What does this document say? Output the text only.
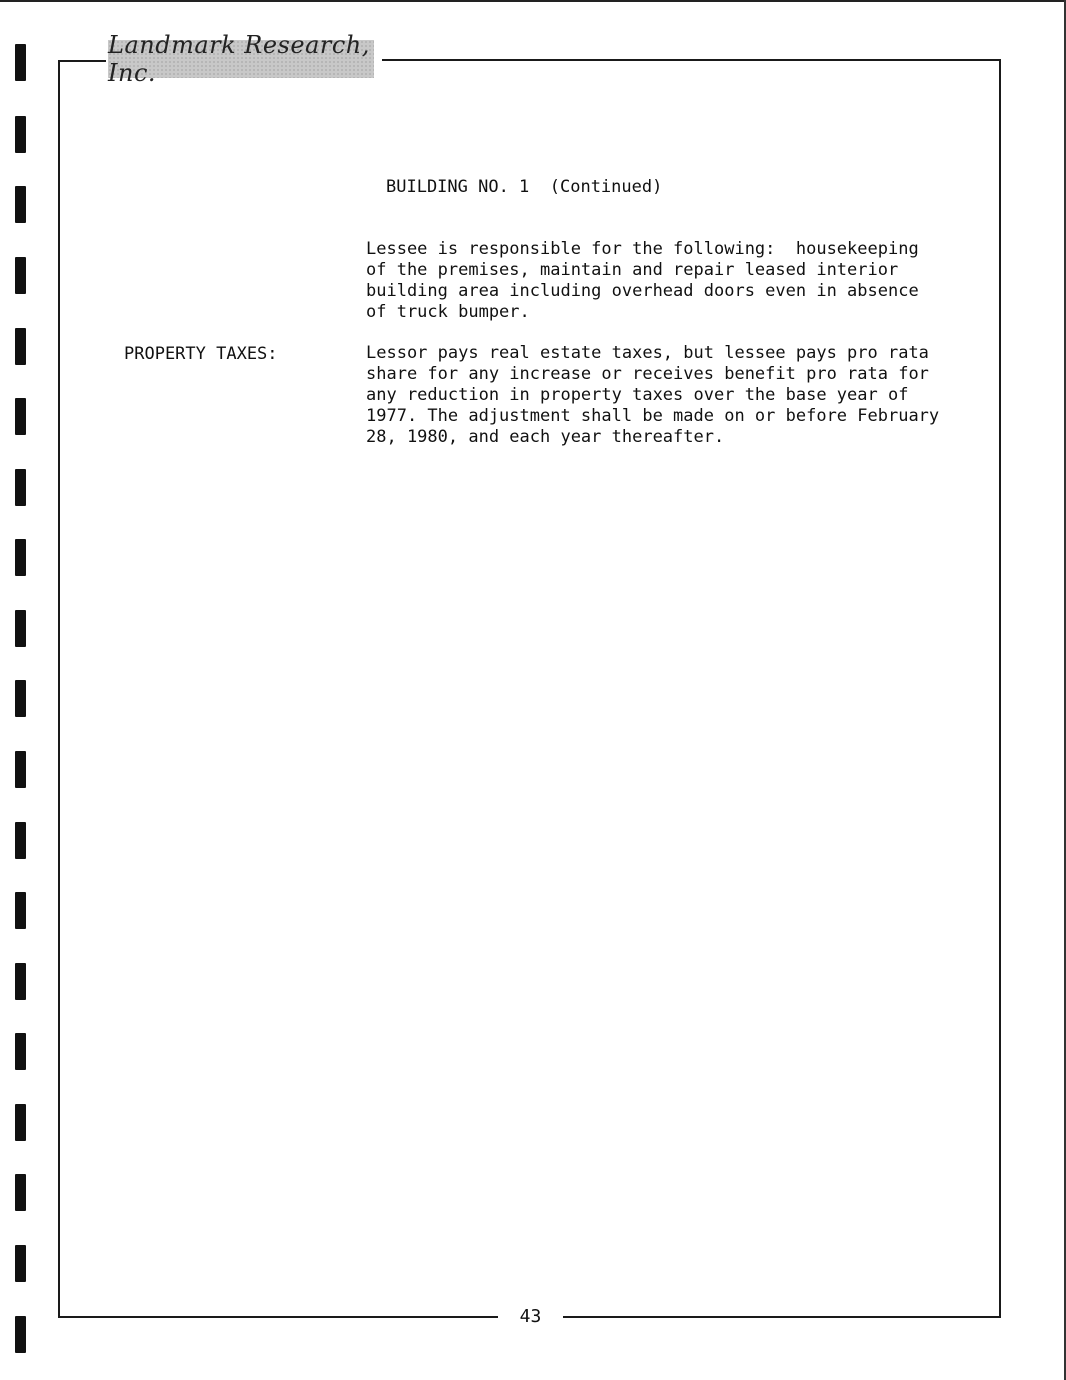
Landmark Research, Inc.
BUILDING NO. 1  (Continued)
Lessee is responsible for the following:  housekeeping
of the premises, maintain and repair leased interior
building area including overhead doors even in absence
of truck bumper.
PROPERTY TAXES:	Lessor pays real estate taxes, but lessee pays pro rata
share for any increase or receives benefit pro rata for
any reduction in property taxes over the base year of
1977. The adjustment shall be made on or before February
28, 1980, and each year thereafter.
43
